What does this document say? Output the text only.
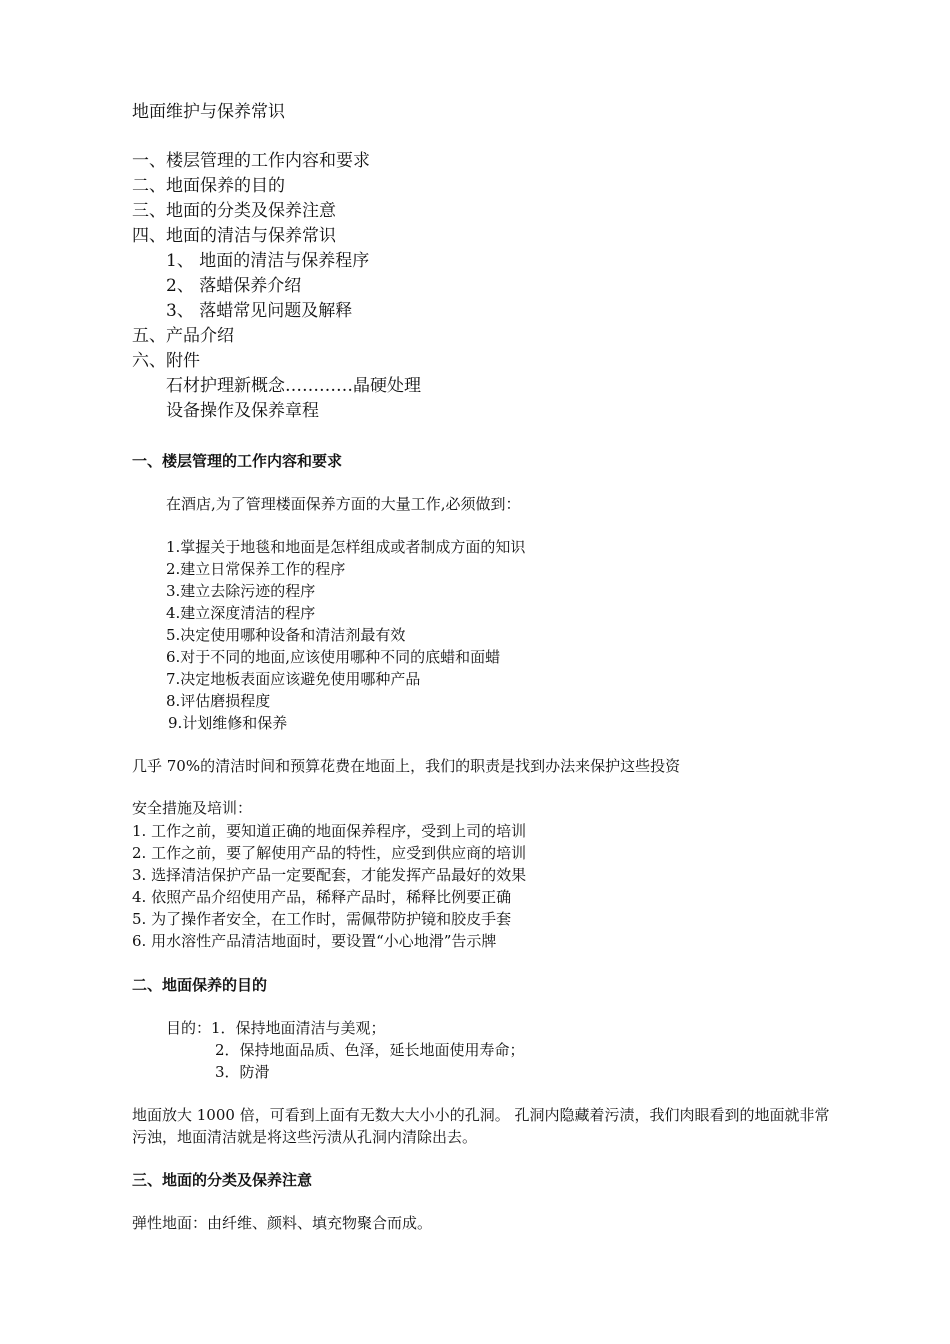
地面维护与保养常识
一、楼层管理的工作内容和要求
二、地面保养的目的
三、地面的分类及保养注意
四、地面的清洁与保养常识
1、 地面的清洁与保养程序
2、 落蜡保养介绍
3、 落蜡常见问题及解释
五、产品介绍
六、附件
石材护理新概念…………晶硬处理
设备操作及保养章程
一、楼层管理的工作内容和要求
在酒店,为了管理楼面保养方面的大量工作,必须做到：
1.掌握关于地毯和地面是怎样组成或者制成方面的知识
2.建立日常保养工作的程序
3.建立去除污迹的程序
4.建立深度清洁的程序
5.决定使用哪种设备和清洁剂最有效
6.对于不同的地面,应该使用哪种不同的底蜡和面蜡
7.决定地板表面应该避免使用哪种产品
8.评估磨损程度
9.计划维修和保养
几乎 70%的清洁时间和预算花费在地面上，我们的职责是找到办法来保护这些投资
安全措施及培训：
1. 工作之前，要知道正确的地面保养程序，受到上司的培训
2. 工作之前，要了解使用产品的特性，应受到供应商的培训
3. 选择清洁保护产品一定要配套，才能发挥产品最好的效果
4. 依照产品介绍使用产品，稀释产品时，稀释比例要正确
5. 为了操作者安全，在工作时，需佩带防护镜和胶皮手套
6. 用水溶性产品清洁地面时，要设置“小心地滑”告示牌
二、地面保养的目的
目的：1．保持地面清洁与美观；
2．保持地面品质、色泽，延长地面使用寿命；
3．防滑
地面放大 1000 倍，可看到上面有无数大大小小的孔洞。 孔洞内隐藏着污渍，我们肉眼看到的地面就非常污浊，地面清洁就是将这些污渍从孔洞内清除出去。
三、地面的分类及保养注意
弹性地面：由纤维、颜料、填充物聚合而成。
